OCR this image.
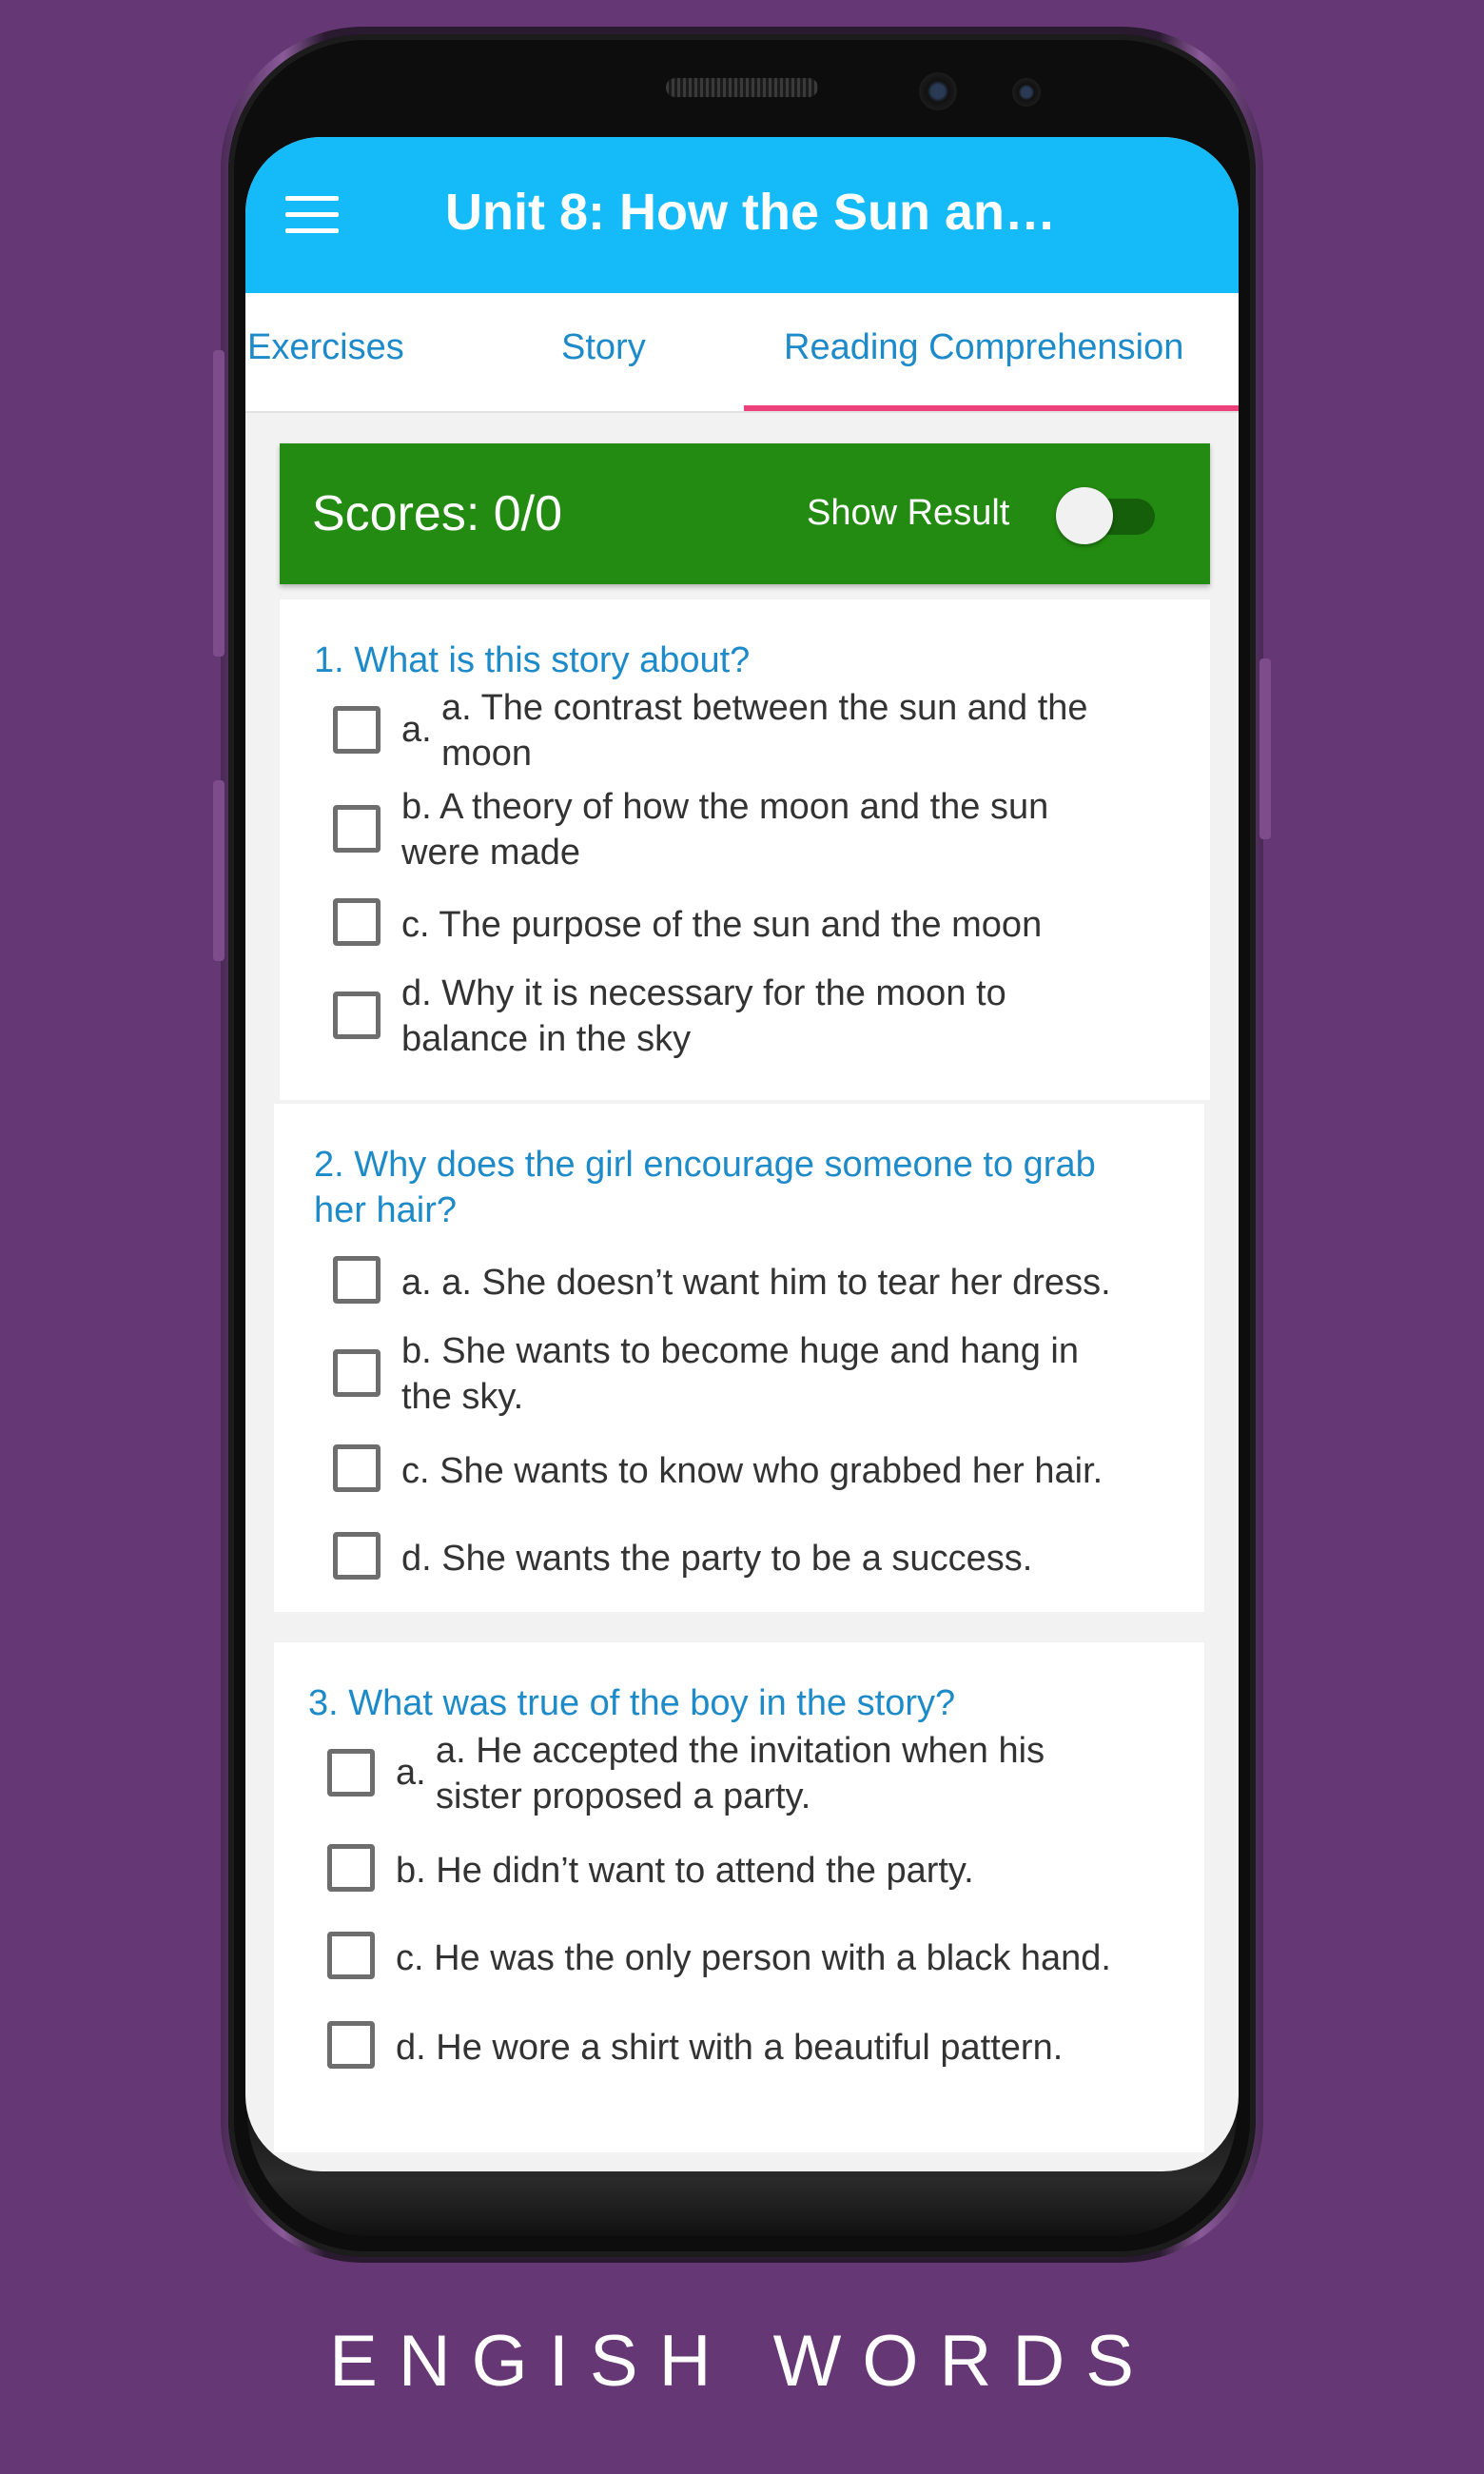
Unit 8: How the Sun an…
Exercises	Story	Reading Comprehension
Scores: 0/0	Show Result
1. What is this story about?
a.
a. The contrast between the sun and the
moon
b. A theory of how the moon and the sun
were made
c. The purpose of the sun and the moon
d. Why it is necessary for the moon to
balance in the sky
2. Why does the girl encourage someone to grab
her hair?
a. a. She doesn’t want him to tear her dress.
b. She wants to become huge and hang in
the sky.
c. She wants to know who grabbed her hair.
d. She wants the party to be a success.
3. What was true of the boy in the story?
a.
a. He accepted the invitation when his
sister proposed a party.
b. He didn’t want to attend the party.
c. He was the only person with a black hand.
d. He wore a shirt with a beautiful pattern.
ENGISH WORDS
